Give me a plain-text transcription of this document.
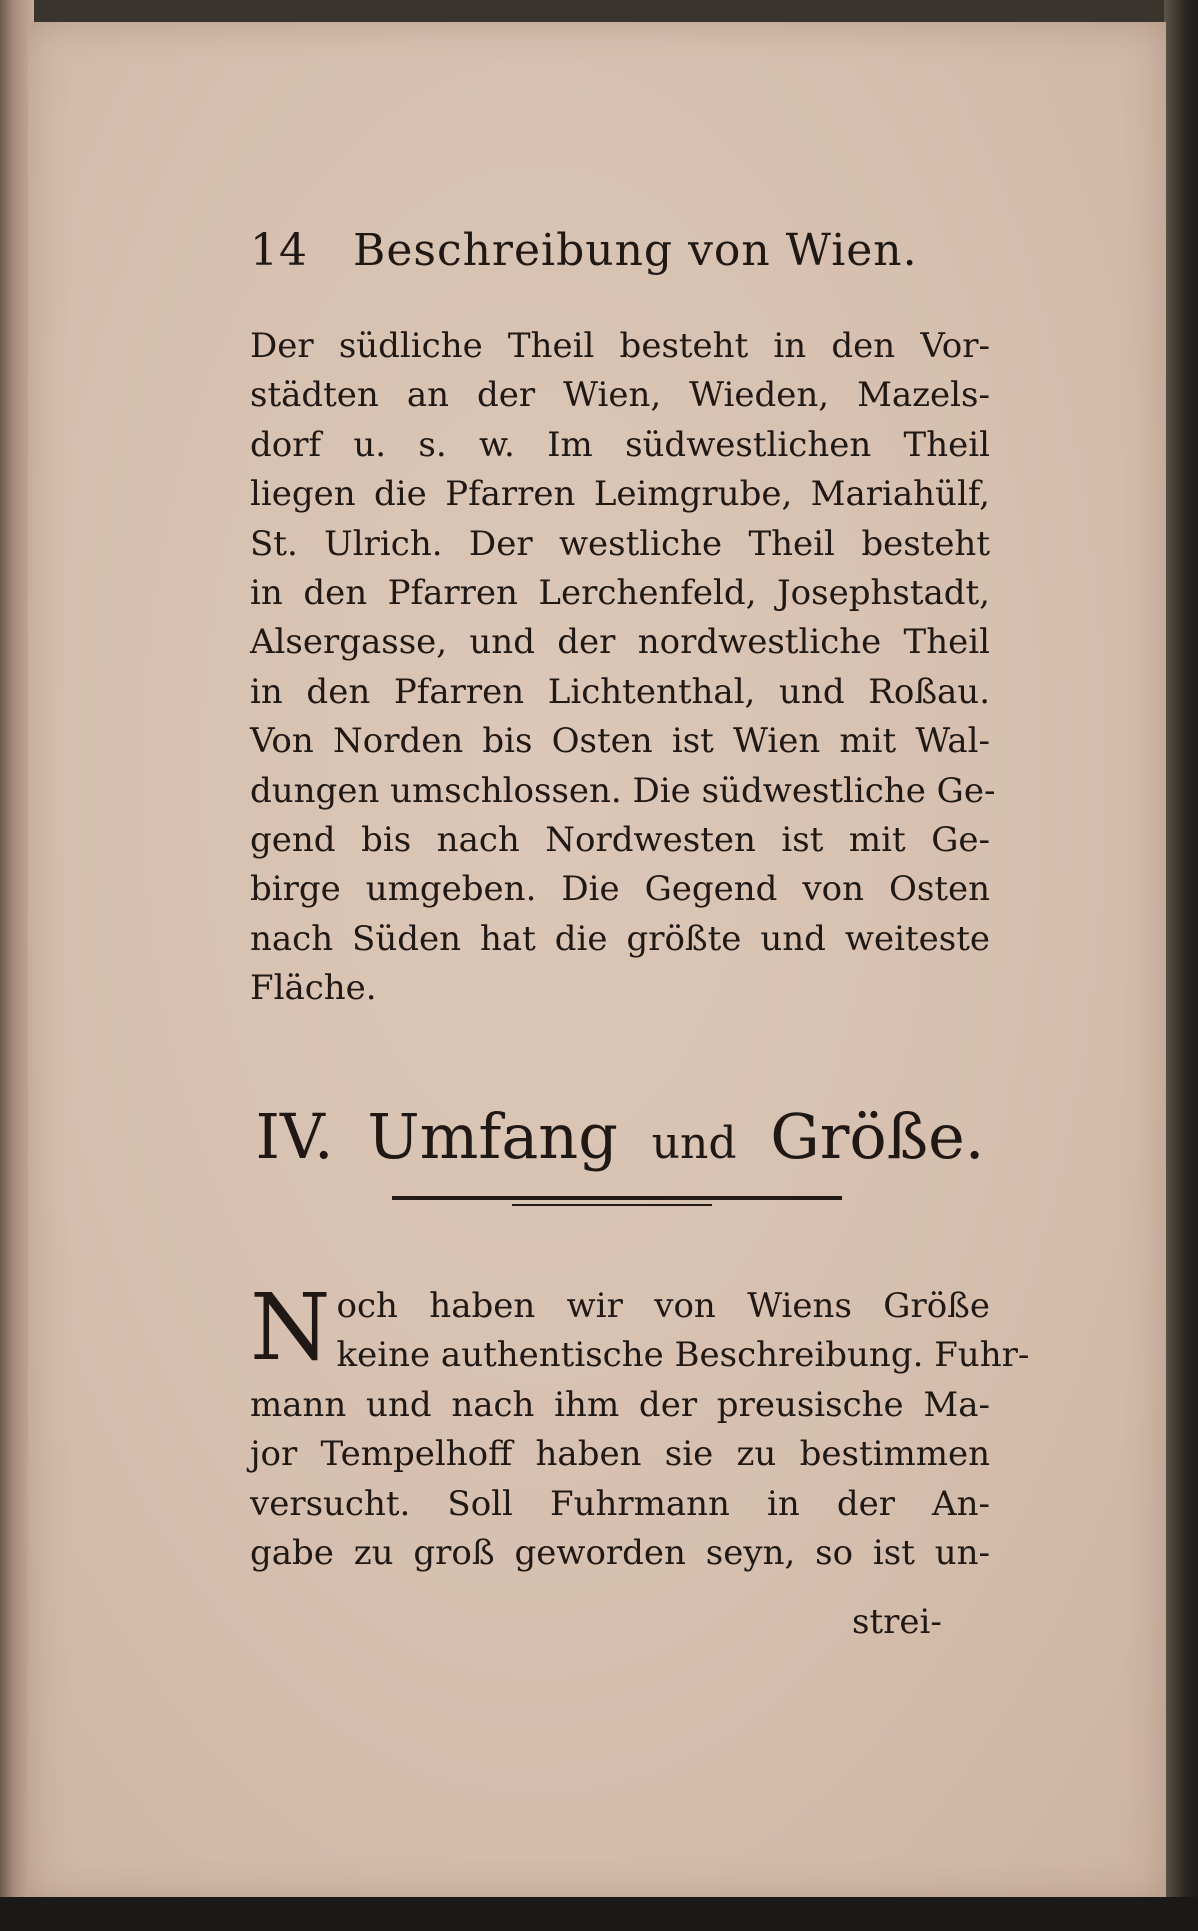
14 Beschreibung von Wien.
Der südliche Theil besteht in den Vor-
städten an der Wien, Wieden, Mazels-
dorf u. s. w. Im südwestlichen Theil
liegen die Pfarren Leimgrube, Mariahülf,
St. Ulrich. Der westliche Theil besteht
in den Pfarren Lerchenfeld, Josephstadt,
Alsergasse, und der nordwestliche Theil
in den Pfarren Lichtenthal, und Roßau.
Von Norden bis Osten ist Wien mit Wal-
dungen umschlossen. Die südwestliche Ge-
gend bis nach Nordwesten ist mit Ge-
birge umgeben. Die Gegend von Osten
nach Süden hat die größte und weiteste
Fläche.
IV. Umfang und Größe.
N och haben wir von Wiens Größe
keine authentische Beschreibung. Fuhr-
mann und nach ihm der preusische Ma-
jor Tempelhoff haben sie zu bestimmen
versucht. Soll Fuhrmann in der An-
gabe zu groß geworden seyn, so ist un-
strei-
